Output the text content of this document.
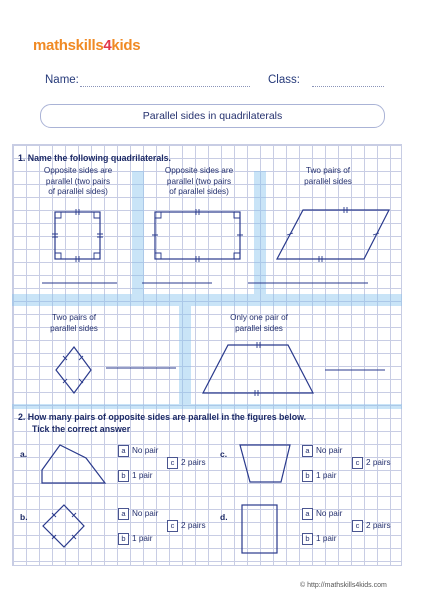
mathskills4kids
Name:	Class:
Parallel sides in quadrilaterals
1. Name the following quadrilaterals.
Opposite sides are
parallel (two pairs
of parallel sides)
Opposite sides are
parallel (two pairs
of parallel sides)
Two pairs of
parallel sides
Two pairs of
parallel sides
Only one pair of
parallel sides
2. How many pairs of opposite sides are parallel in the figures below.
Tick the correct answer
a.
b.
c.
d.
a No pair
c 2 pairs
b 1 pair
a No pair
c 2 pairs
b 1 pair
a No pair
c 2 pairs
b 1 pair
a No pair
c 2 pairs
b 1 pair
© http://mathskills4kids.com
